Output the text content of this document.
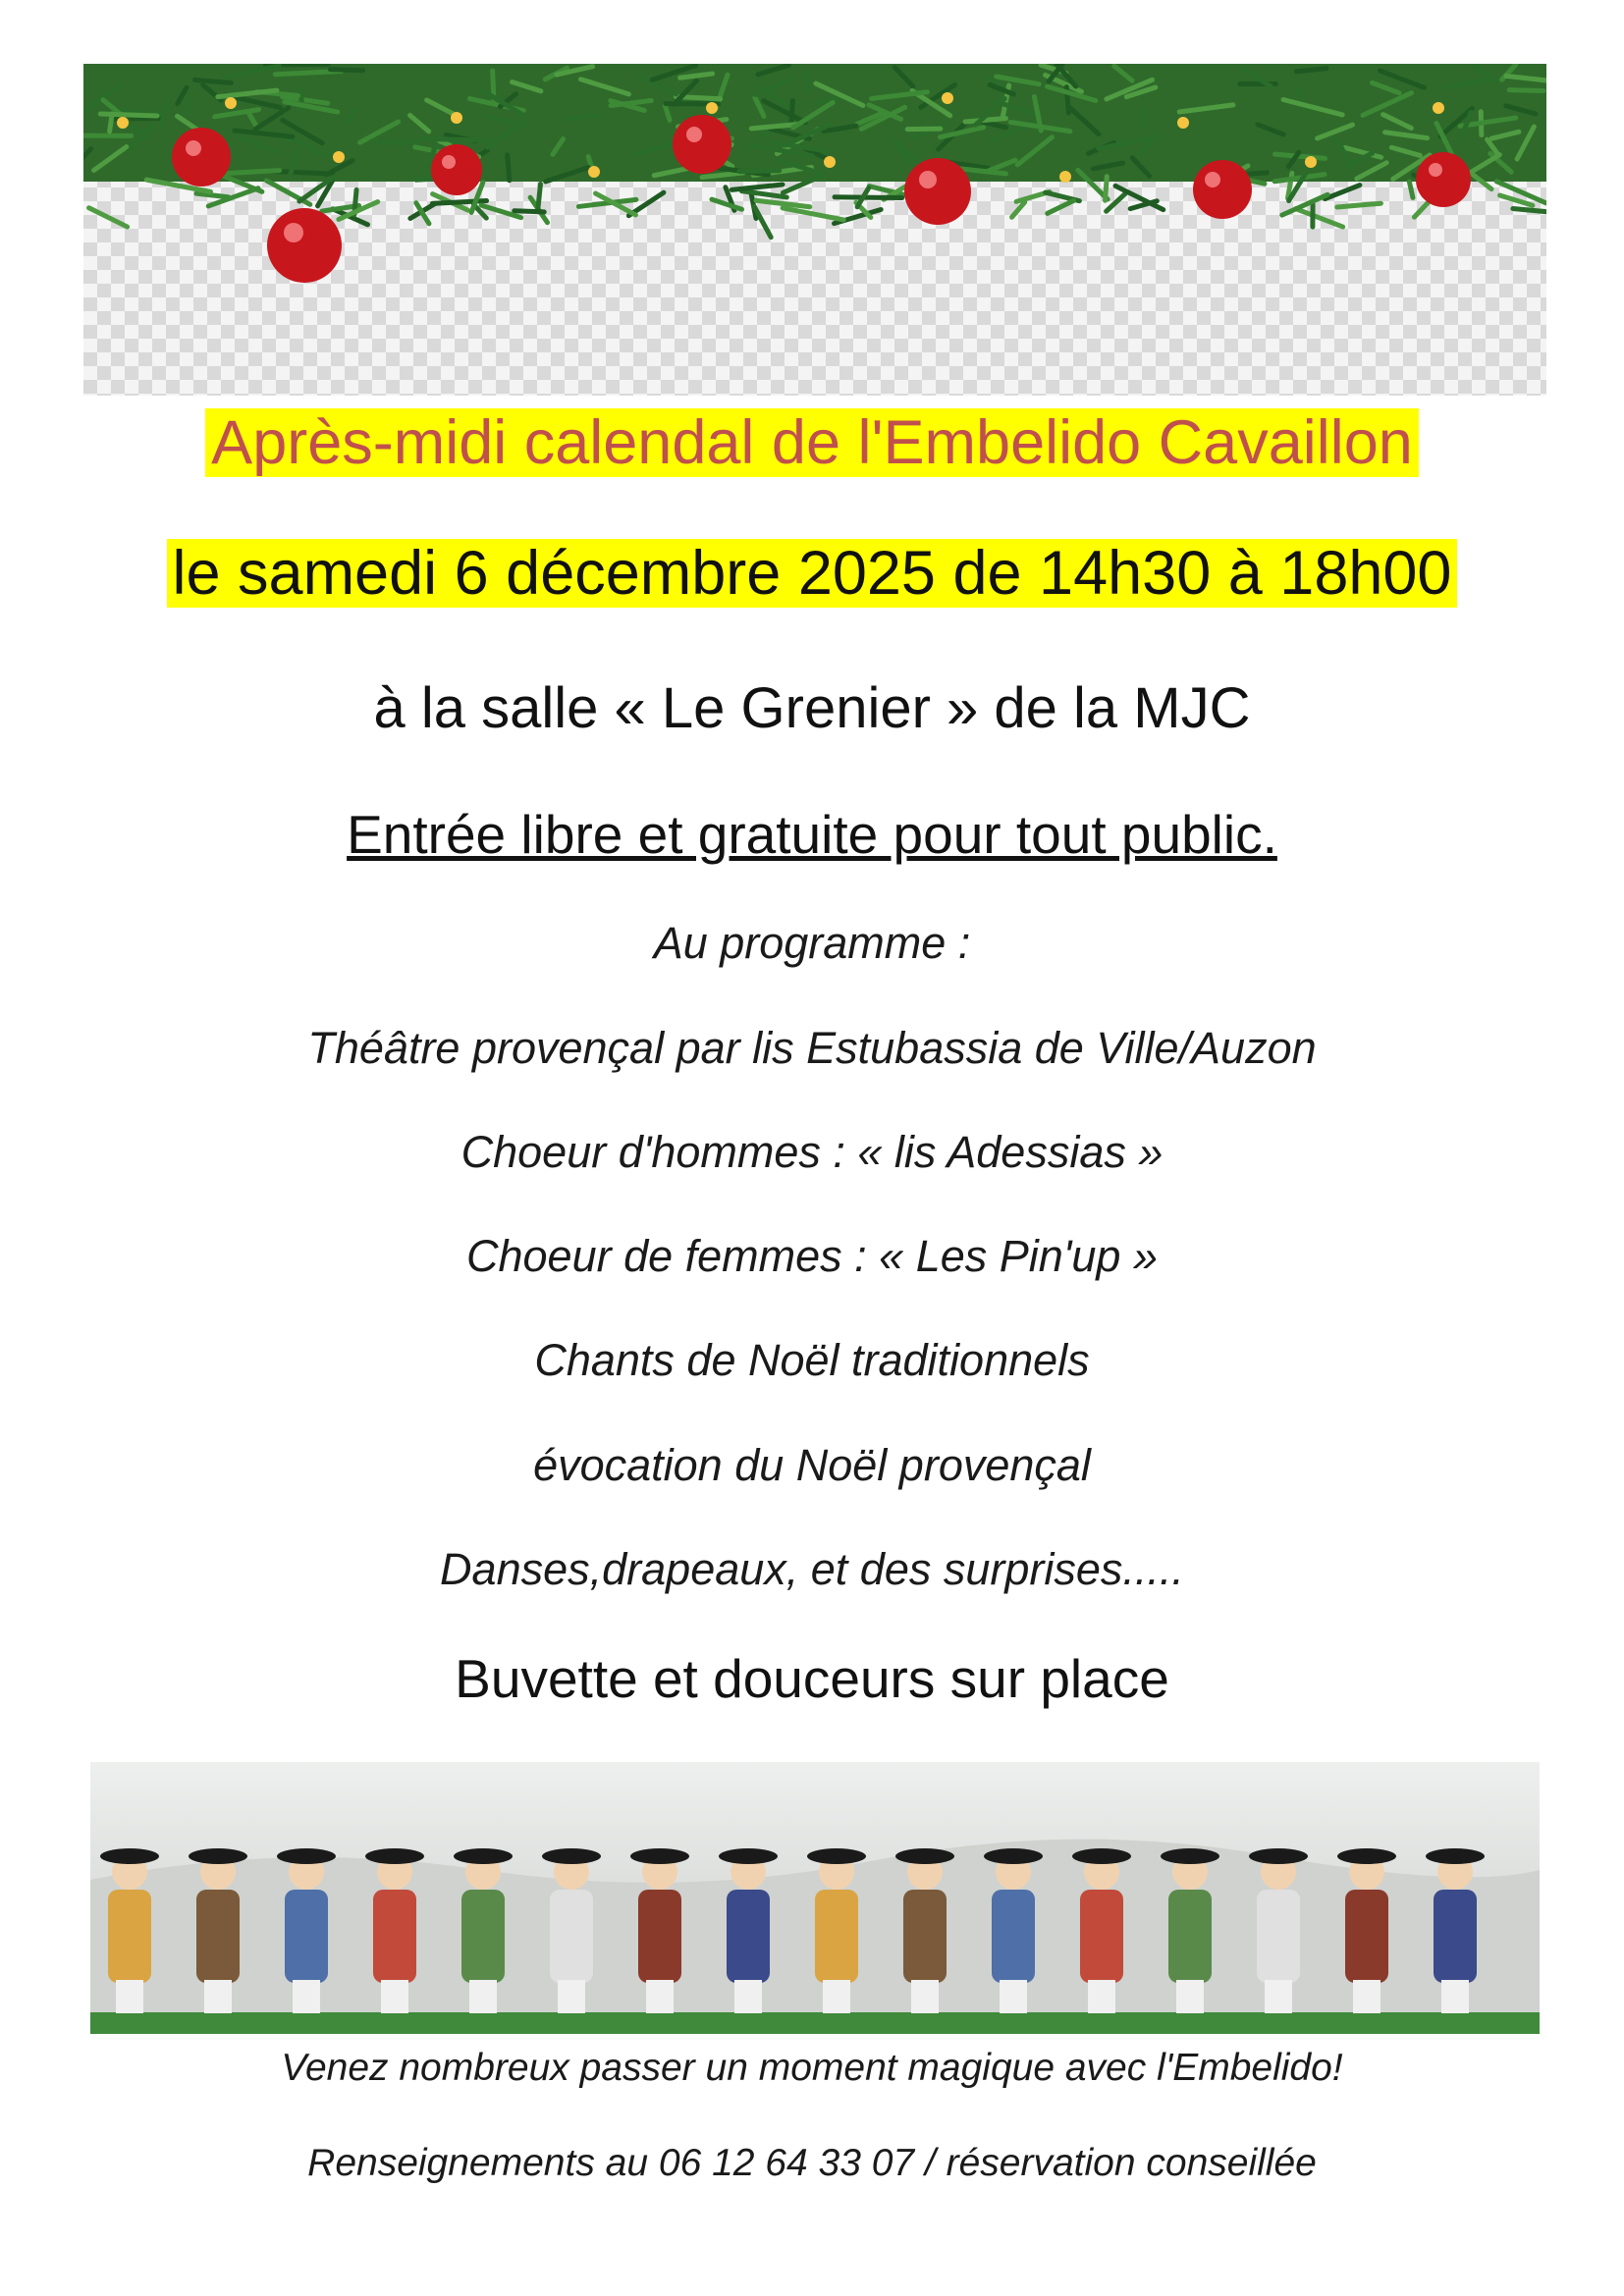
Après-midi calendal de l'Embelido Cavaillon
le samedi 6 décembre 2025 de 14h30 à 18h00
à la salle « Le Grenier » de la MJC
Entrée libre et gratuite pour tout public.
Au programme :
Théâtre provençal par lis Estubassia de Ville/Auzon
Choeur d'hommes : « lis Adessias »
Choeur de femmes : « Les Pin'up »
Chants de Noël traditionnels
évocation du Noël provençal
Danses,drapeaux, et des surprises.....
Buvette et douceurs sur place
Venez nombreux passer un moment magique avec l'Embelido!
Renseignements au 06 12 64 33 07 / réservation conseillée
